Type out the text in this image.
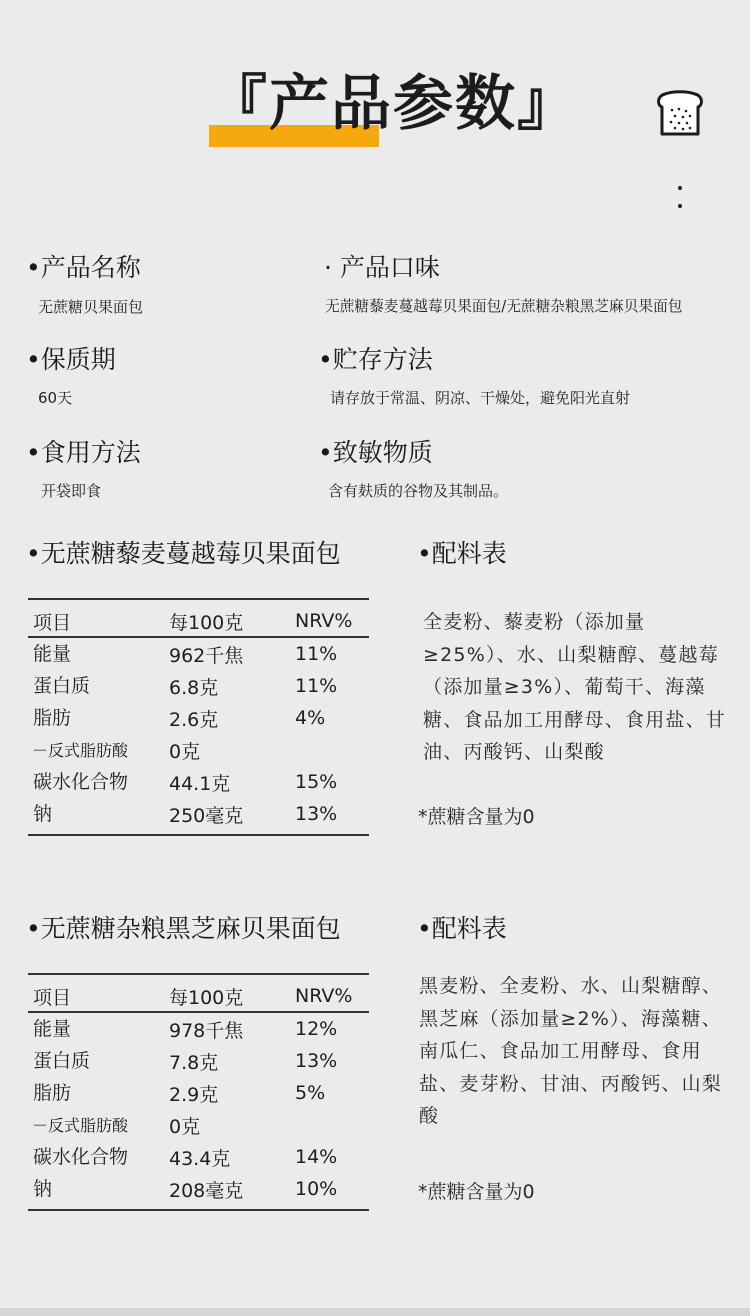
『产品参数』
•产品名称
无蔗糖贝果面包
· 产品口味
无蔗糖藜麦蔓越莓贝果面包/无蔗糖杂粮黑芝麻贝果面包
•保质期
60天
•贮存方法
请存放于常温、阴凉、干燥处，避免阳光直射
•食用方法
开袋即食
•致敏物质
含有麸质的谷物及其制品。
•无蔗糖藜麦蔓越莓贝果面包	•配料表
项目	每100克	NRV%
能量	962千焦	11%
蛋白质	6.8克	11%
脂肪	2.6克	4%
－反式脂肪酸 0克
碳水化合物 44.1克	15%
钠	250毫克	13%
全麦粉、藜麦粉（添加量≥25%）、水、山梨糖醇、蔓越莓（添加量≥3%）、葡萄干、海藻糖、食品加工用酵母、食用盐、甘油、丙酸钙、山梨酸
*蔗糖含量为0
•无蔗糖杂粮黑芝麻贝果面包	•配料表
项目	每100克	NRV%
能量	978千焦	12%
蛋白质	7.8克	13%
脂肪	2.9克	5%
－反式脂肪酸 0克
碳水化合物 43.4克	14%
钠	208毫克	10%
黑麦粉、全麦粉、水、山梨糖醇、黑芝麻（添加量≥2%）、海藻糖、南瓜仁、食品加工用酵母、食用盐、麦芽粉、甘油、丙酸钙、山梨酸
*蔗糖含量为0
